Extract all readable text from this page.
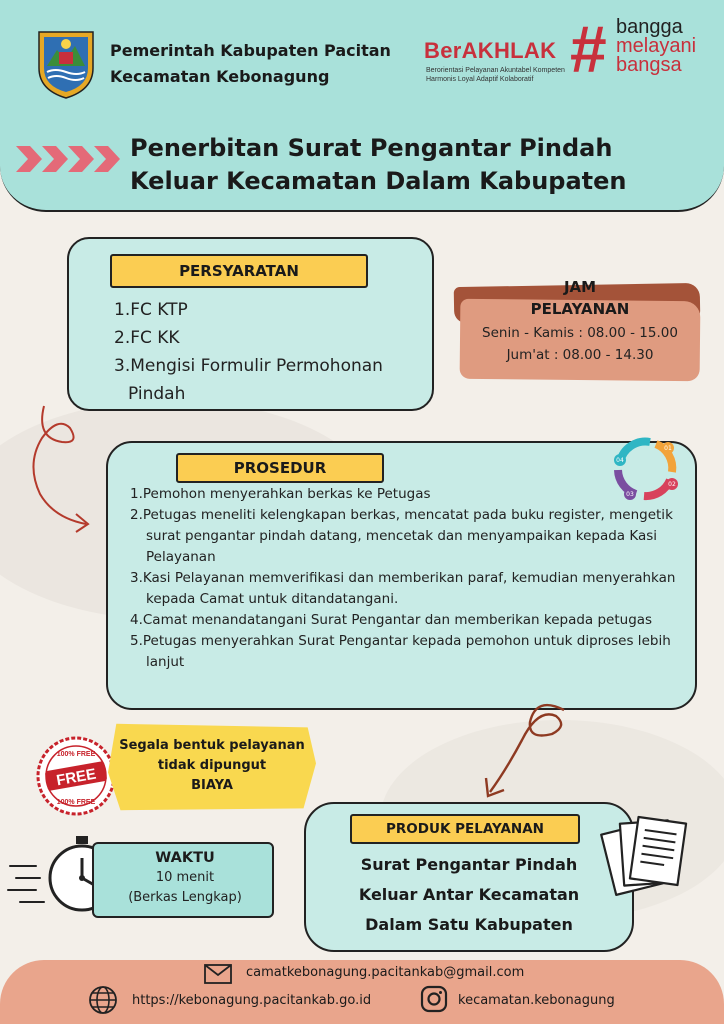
Pemerintah Kabupaten Pacitan
Kecamatan Kebonagung
BerAKHLAK
Berorientasi Pelayanan Akuntabel Kompeten
Harmonis Loyal Adaptif Kolaboratif # bangga
melayani
bangsa
Penerbitan Surat Pengantar Pindah
Keluar Kecamatan Dalam Kabupaten
PERSYARATAN
1.FC KTP
2.FC KK
3.Mengisi Formulir Permohonan Pindah
JAM
PELAYANAN
Senin - Kamis : 08.00 - 15.00
Jum'at : 08.00 - 14.30
PROSEDUR	04
01
02
03
1.Pemohon menyerahkan berkas ke Petugas
2.Petugas meneliti kelengkapan berkas, mencatat pada buku register, mengetik surat pengantar pindah datang, mencetak dan menyampaikan kepada Kasi Pelayanan
3.Kasi Pelayanan memverifikasi dan memberikan paraf, kemudian menyerahkan kepada Camat untuk ditandatangani.
4.Camat menandatangani Surat Pengantar dan memberikan kepada petugas
5.Petugas menyerahkan Surat Pengantar kepada pemohon untuk diproses lebih lanjut
FREE
100% FREE
100% FREE
Segala bentuk pelayanan
tidak dipungut
BIAYA
WAKTU
10 menit
(Berkas Lengkap)
PRODUK PELAYANAN
Surat Pengantar Pindah
Keluar Antar Kecamatan
Dalam Satu Kabupaten
camatkebonagung.pacitankab@gmail.com
https://kebonagung.pacitankab.go.id	kecamatan.kebonagung
